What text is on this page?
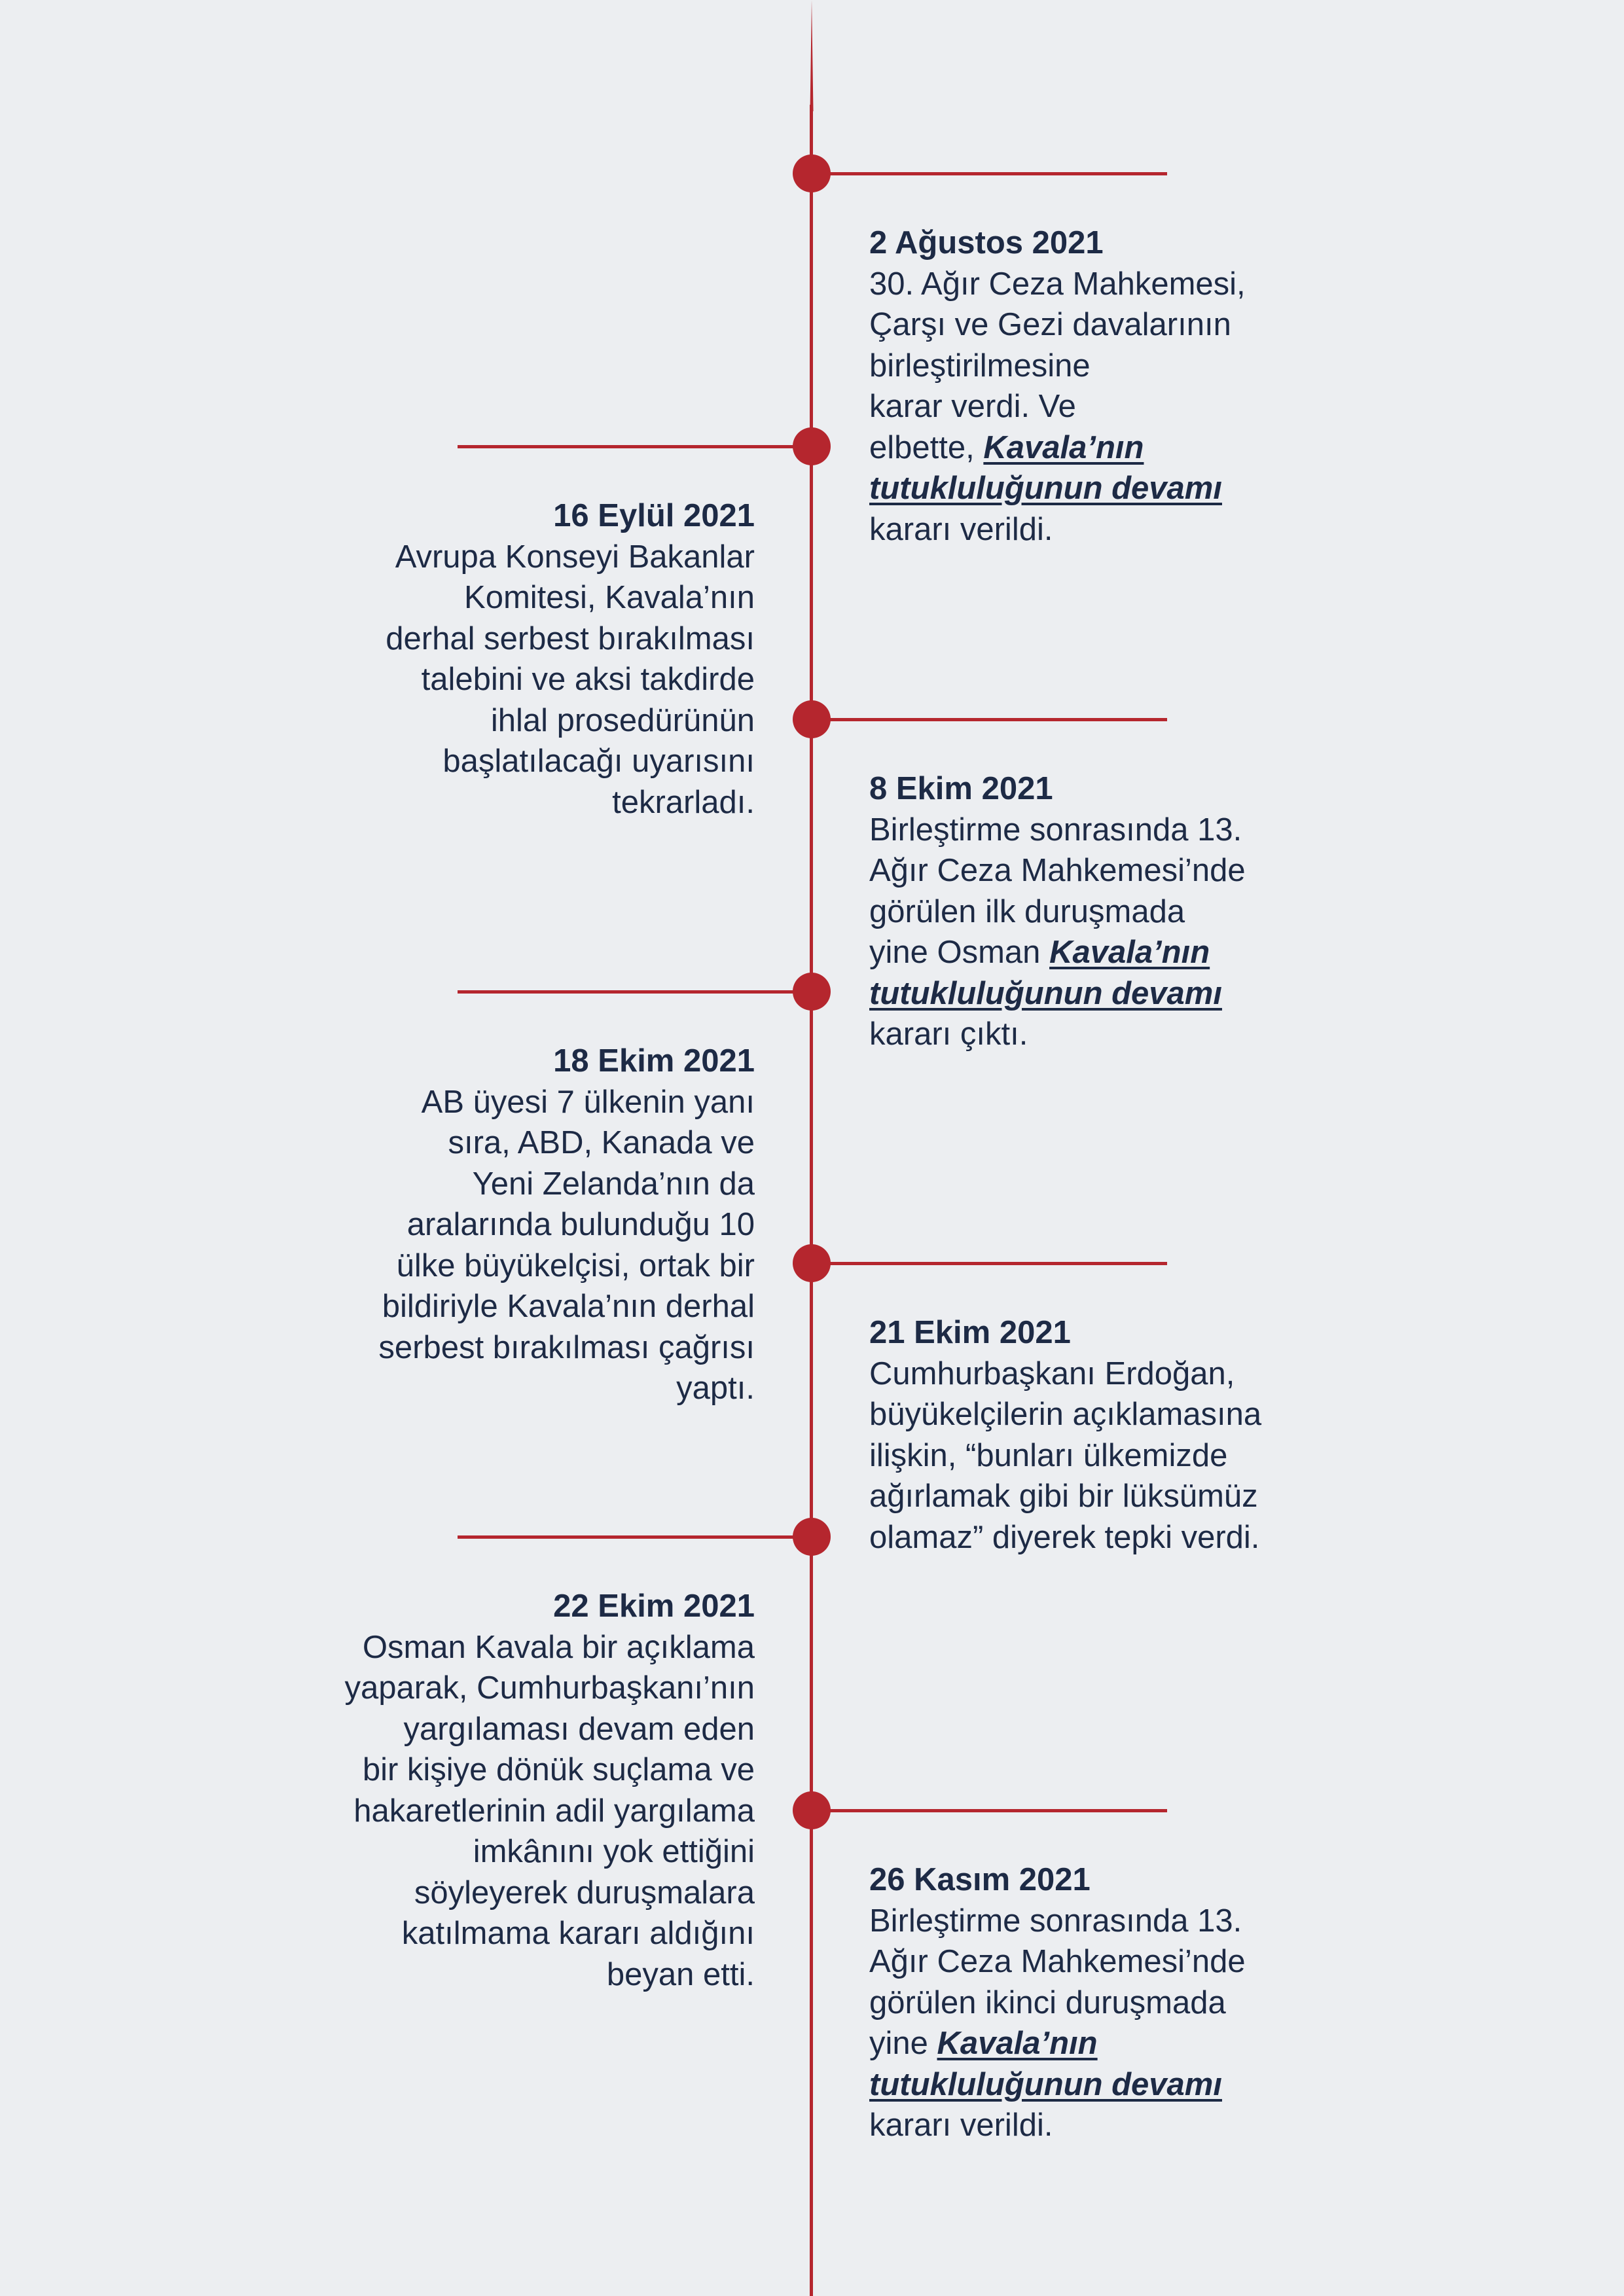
2 Ağustos 2021
30. Ağır Ceza Mahkemesi,
Çarşı ve Gezi davalarının
birleştirilmesine
karar verdi. Ve
elbette, Kavala’nın
tutukluluğunun devamı
kararı verildi.
16 Eylül 2021
Avrupa Konseyi Bakanlar
Komitesi, Kavala’nın
derhal serbest bırakılması
talebini ve aksi takdirde
ihlal prosedürünün
başlatılacağı uyarısını
tekrarladı.	8 Ekim 2021
Birleştirme sonrasında 13.
Ağır Ceza Mahkemesi’nde
görülen ilk duruşmada
yine Osman Kavala’nın
tutukluluğunun devamı
kararı çıktı.
18 Ekim 2021
AB üyesi 7 ülkenin yanı
sıra, ABD, Kanada ve
Yeni Zelanda’nın da
aralarında bulunduğu 10
ülke büyükelçisi, ortak bir
bildiriyle Kavala’nın derhal
serbest bırakılması çağrısı
yaptı.
21 Ekim 2021
Cumhurbaşkanı Erdoğan,
büyükelçilerin açıklamasına
ilişkin, “bunları ülkemizde
ağırlamak gibi bir lüksümüz
olamaz” diyerek tepki verdi.
22 Ekim 2021
Osman Kavala bir açıklama
yaparak, Cumhurbaşkanı’nın
yargılaması devam eden
bir kişiye dönük suçlama ve
hakaretlerinin adil yargılama
imkânını yok ettiğini
söyleyerek duruşmalara
katılmama kararı aldığını
beyan etti.
26 Kasım 2021
Birleştirme sonrasında 13.
Ağır Ceza Mahkemesi’nde
görülen ikinci duruşmada
yine Kavala’nın
tutukluluğunun devamı
kararı verildi.
